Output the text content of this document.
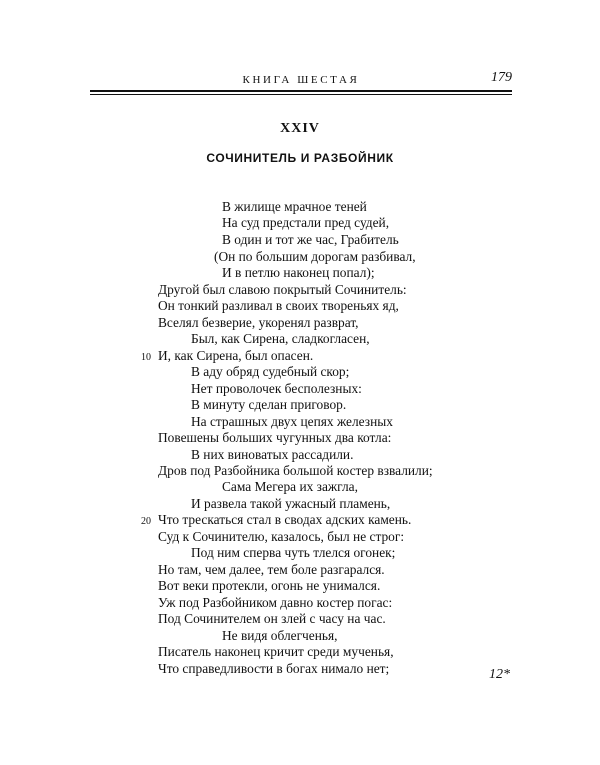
КНИГА ШЕСТАЯ	179
XXIV
СОЧИНИТЕЛЬ И РАЗБОЙНИК
В жилище мрачное теней
На суд предстали пред судей,
В один и тот же час, Грабитель
(Он по большим дорогам разбивал,
И в петлю наконец попал);
Другой был славою покрытый Сочинитель:
Он тонкий разливал в своих твореньях яд,
Вселял безверие, укоренял разврат,
Был, как Сирена, сладкогласен,
И, как Сирена, был опасен.
В аду обряд судебный скор;
Нет проволочек бесполезных:
В минуту сделан приговор.
На страшных двух цепях железных
Повешены больших чугунных два котла:
В них виноватых рассадили.
Дров под Разбойника большой костер взвалили;
Сама Мегера их зажгла,
И развела такой ужасный пламень,
Что трескаться стал в сводах адских камень.
Суд к Сочинителю, казалось, был не строг:
Под ним сперва чуть тлелся огонек;
Но там, чем далее, тем боле разгарался.
Вот веки протекли, огонь не унимался.
Уж под Разбойником давно костер погас:
Под Сочинителем он злей с часу на час.
Не видя облегченья,
Писатель наконец кричит среди мученья,
Что справедливости в богах нимало нет;
10
20
12*
